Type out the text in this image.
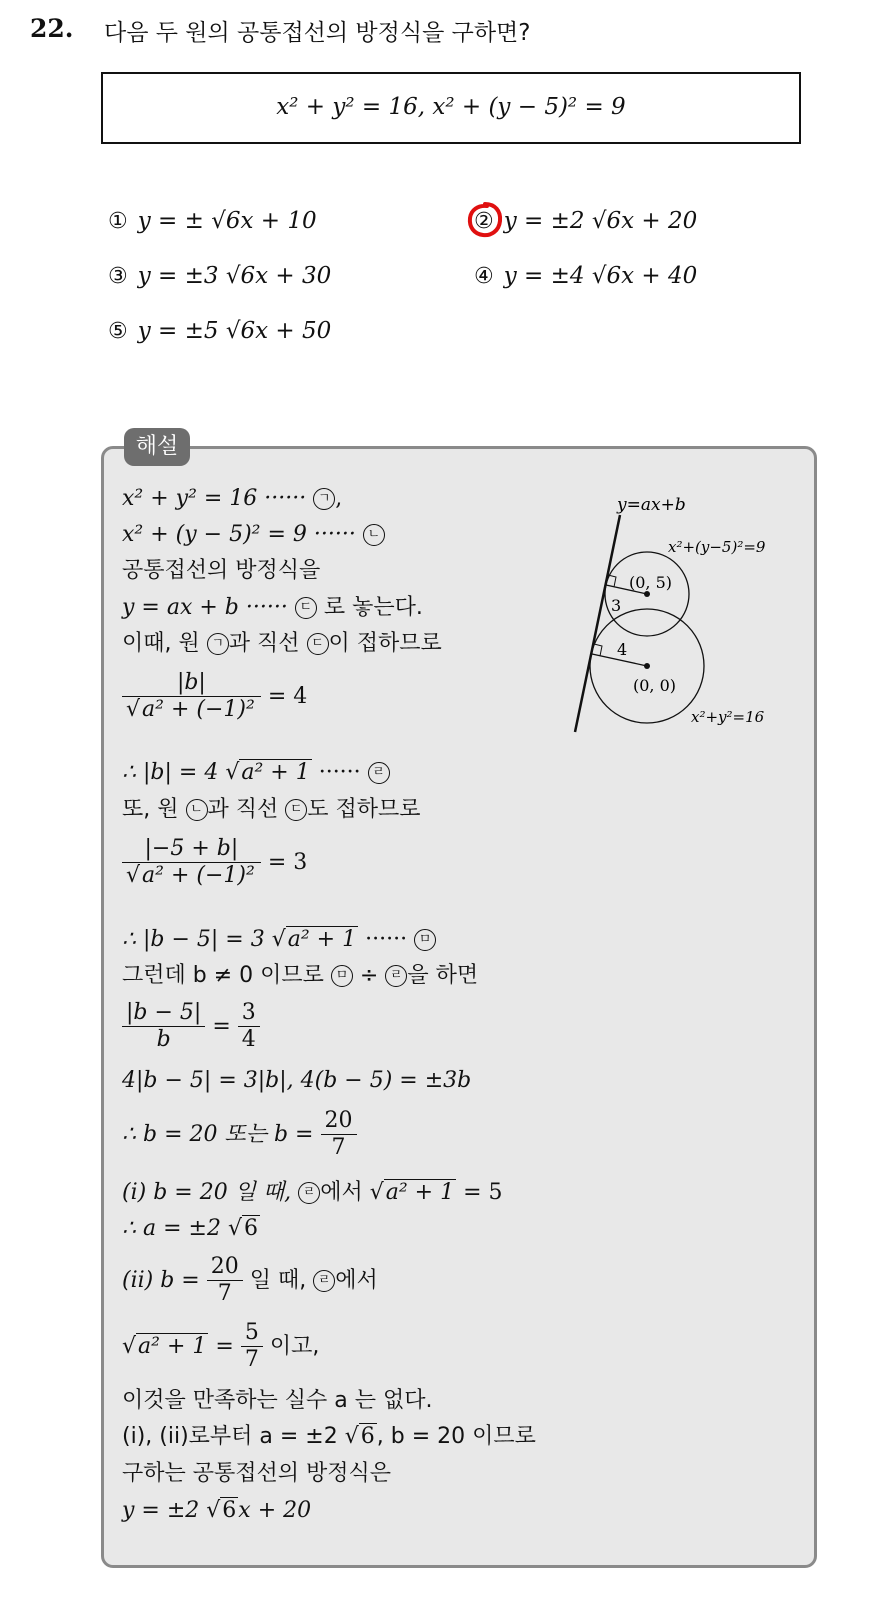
22. 다음 두 원의 공통접선의 방정식을 구하면?
x² + y² = 16, x² + (y − 5)² = 9
① y = ± √6x + 10	② y = ±2 √6x + 20
③ y = ±3 √6x + 30	④ y = ±4 √6x + 40
⑤ y = ±5 √6x + 50
해설
x² + y² = 16 ······ ㄱ ,
x² + (y − 5)² = 9 ······ ㄴ
공통접선의 방정식을
y = ax + b ······ ㄷ 로 놓는다.
이때, 원 ㄱ 과 직선 ㄷ 이 접하므로
$\frac{|b|}{\text{√a² + (−1)²}} = 4$
∴ |b| = 4 √a² + 1 ······ ㄹ
또, 원 ㄴ 과 직선 ㄷ 도 접하므로
$\frac{|-5 + b|}{\text{√a² + (−1)²}} = 3$
∴ |b − 5| = 3 √a² + 1 ······ ㅁ
그런데 b ≠ 0 이므로 ㅁ ÷ ㄹ 을 하면
$\frac{|b - 5|}{b} = \frac{3}{4}$
4|b − 5| = 3|b|, 4(b − 5) = ±3b
∴ b = 20 또는 $b = \frac{20}{7}$
(i) b = 20 일 때, ㄹ 에서 √a² + 1 = 5
∴ a = ±2 √6
(ii) $b = \frac{20}{7}$ 일 때, ㄹ 에서
$√a^2 + 1 = \frac{5}{7}$ 이고,
이것을 만족하는 실수 a 는 없다.
(i), (ii)로부터 a = ±2 √6, b = 20 이므로
구하는 공통접선의 방정식은
y = ±2 √6x + 20
y=ax+b
x²+(y−5)²=9
(0, 5)
3
4
(0, 0)
x²+y²=16
